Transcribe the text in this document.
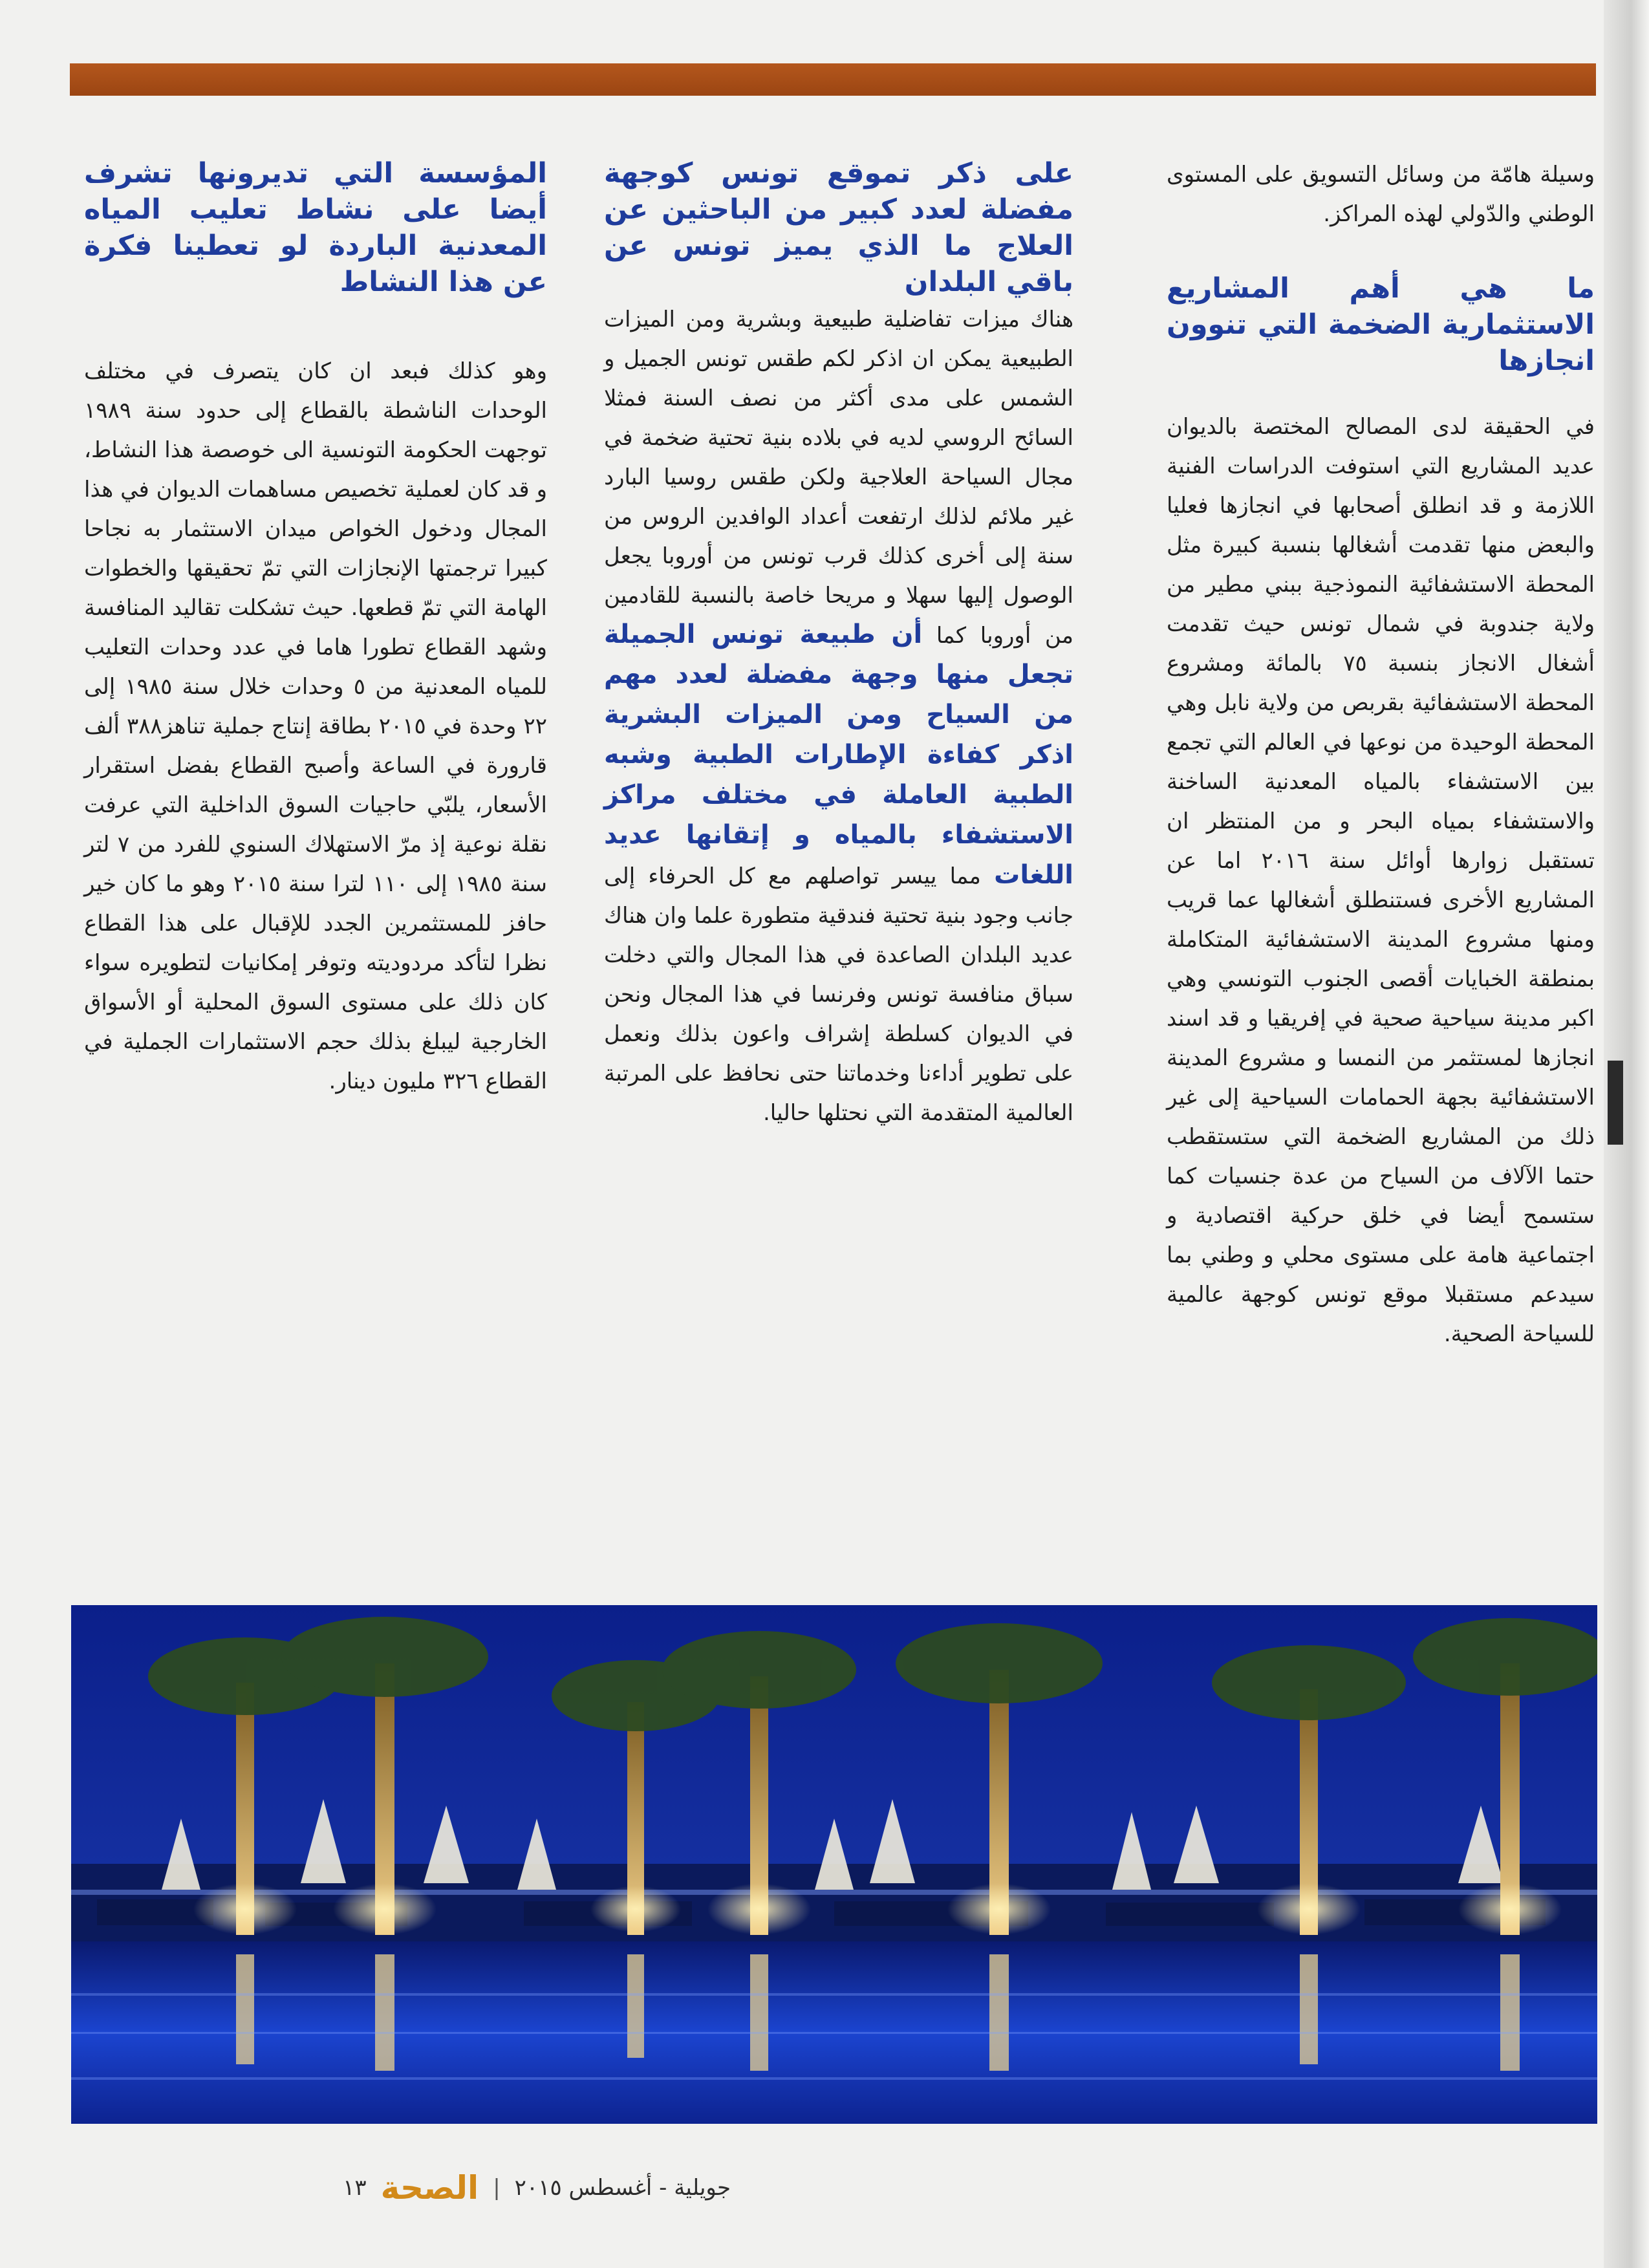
وسيلة هامّة من وسائل التسويق على المستوى الوطني والدّولي لهذه المراكز.

ما هي أهم المشاريع الاستثمارية الضخمة التي تنوون انجازها

في الحقيقة لدى المصالح المختصة بالديوان عديد المشاريع التي استوفت الدراسات الفنية اللازمة و قد انطلق أصحابها في انجازها فعليا والبعض منها تقدمت أشغالها بنسبة كبيرة مثل المحطة الاستشفائية النموذجية ببني مطير من ولاية جندوبة في شمال تونس حيث تقدمت أشغال الانجاز بنسبة ٧٥ بالمائة ومشروع المحطة الاستشفائية بقربص من ولاية نابل وهي المحطة الوحيدة من نوعها في العالم التي تجمع بين الاستشفاء بالمياه المعدنية الساخنة والاستشفاء بمياه البحر و من المنتظر ان تستقبل زوارها أوائل سنة ٢٠١٦ اما عن المشاريع الأخرى فستنطلق أشغالها عما قريب ومنها مشروع المدينة الاستشفائية المتكاملة بمنطقة الخبايات أقصى الجنوب التونسي وهي اكبر مدينة سياحية صحية في إفريقيا و قد اسند انجازها لمستثمر من النمسا و مشروع المدينة الاستشفائية بجهة الحمامات السياحية إلى غير ذلك من المشاريع الضخمة التي ستستقطب حتما الآلاف من السياح من عدة جنسيات كما ستسمح أيضا في خلق حركية اقتصادية و اجتماعية هامة على مستوى محلي و وطني بما سيدعم مستقبلا موقع تونس كوجهة عالمية للسياحة الصحية.

على ذكر تموقع تونس كوجهة مفضلة لعدد كبير من الباحثين عن العلاج ما الذي يميز تونس عن باقي البلدان

هناك ميزات تفاضلية طبيعية وبشرية ومن الميزات الطبيعية يمكن ان اذكر لكم طقس تونس الجميل و الشمس على مدى أكثر من نصف السنة فمثلا السائح الروسي لديه في بلاده بنية تحتية ضخمة في مجال السياحة العلاجية ولكن طقس روسيا البارد غير ملائم لذلك ارتفعت أعداد الوافدين الروس من سنة إلى أخرى كذلك قرب تونس من أوروبا يجعل الوصول إليها سهلا و مريحا خاصة بالنسبة للقادمين من أوروبا كما أن طبيعة تونس الجميلة تجعل منها وجهة مفضلة لعدد مهم من السياح ومن الميزات البشرية اذكر كفاءة الإطارات الطبية وشبه الطبية العاملة في مختلف مراكز الاستشفاء بالمياه و إتقانها عديد اللغات مما ييسر تواصلهم مع كل الحرفاء إلى جانب وجود بنية تحتية فندقية متطورة علما وان هناك عديد البلدان الصاعدة في هذا المجال والتي دخلت سباق منافسة تونس وفرنسا في هذا المجال ونحن في الديوان كسلطة إشراف واعون بذلك ونعمل على تطوير أداءنا وخدماتنا حتى نحافظ على المرتبة العالمية المتقدمة التي نحتلها حاليا.

المؤسسة التي تديرونها تشرف أيضا على نشاط تعليب المياه المعدنية الباردة لو تعطينا فكرة عن هذا النشاط

وهو كذلك فبعد ان كان يتصرف في مختلف الوحدات الناشطة بالقطاع إلى حدود سنة ١٩٨٩ توجهت الحكومة التونسية الى خوصصة هذا النشاط، و قد كان لعملية تخصيص مساهمات الديوان في هذا المجال ودخول الخواص ميدان الاستثمار به نجاحا كبيرا ترجمتها الإنجازات التي تمّ تحقيقها والخطوات الهامة التي تمّ قطعها. حيث تشكلت تقاليد المنافسة وشهد القطاع تطورا هاما في عدد وحدات التعليب للمياه المعدنية من ٥ وحدات خلال سنة ١٩٨٥ إلى ٢٢ وحدة في ٢٠١٥ بطاقة إنتاج جملية تناهز٣٨٨ ألف قارورة في الساعة وأصبح القطاع بفضل استقرار الأسعار، يلبّي حاجيات السوق الداخلية التي عرفت نقلة نوعية إذ مرّ الاستهلاك السنوي للفرد من ٧ لتر سنة ١٩٨٥ إلى ١١٠ لترا سنة ٢٠١٥ وهو ما كان خير حافز للمستثمرين الجدد للإقبال على هذا القطاع نظرا لتأكد مردوديته وتوفر إمكانيات لتطويره سواء كان ذلك على مستوى السوق المحلية أو الأسواق الخارجية ليبلغ بذلك حجم الاستثمارات الجملية في القطاع ٣٢٦ مليون دينار.

جويلية - أغسطس ٢٠١٥
|
الصحة
١٣
